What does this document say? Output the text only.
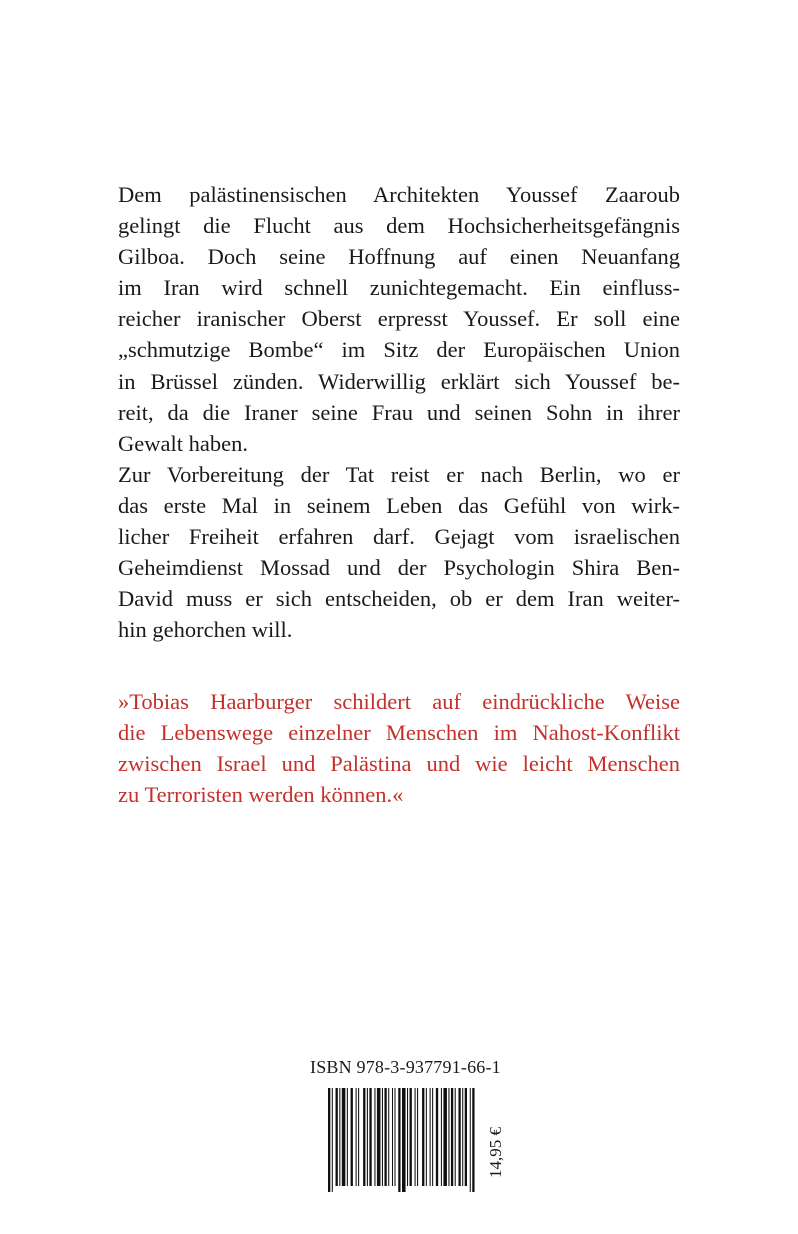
Dem palästinensischen Architekten Youssef Zaaroub

gelingt die Flucht aus dem Hochsicherheitsgefängnis

Gilboa. Doch seine Hoffnung auf einen Neuanfang

im Iran wird schnell zunichtegemacht. Ein einfluss-

reicher iranischer Oberst erpresst Youssef. Er soll eine

„schmutzige Bombe“ im Sitz der Europäischen Union

in Brüssel zünden. Widerwillig erklärt sich Youssef be-

reit, da die Iraner seine Frau und seinen Sohn in ihrer

Gewalt haben.

Zur Vorbereitung der Tat reist er nach Berlin, wo er

das erste Mal in seinem Leben das Gefühl von wirk-

licher Freiheit erfahren darf. Gejagt vom israelischen

Geheimdienst Mossad und der Psychologin Shira Ben-

David muss er sich entscheiden, ob er dem Iran weiter-

hin gehorchen will.

»Tobias Haarburger schildert auf eindrückliche Weise

die Lebenswege einzelner Menschen im Nahost-Konflikt

zwischen Israel und Palästina und wie leicht Menschen

zu Terroristen werden können.«

ISBN 978-3-937791-66-1

14,95 €
